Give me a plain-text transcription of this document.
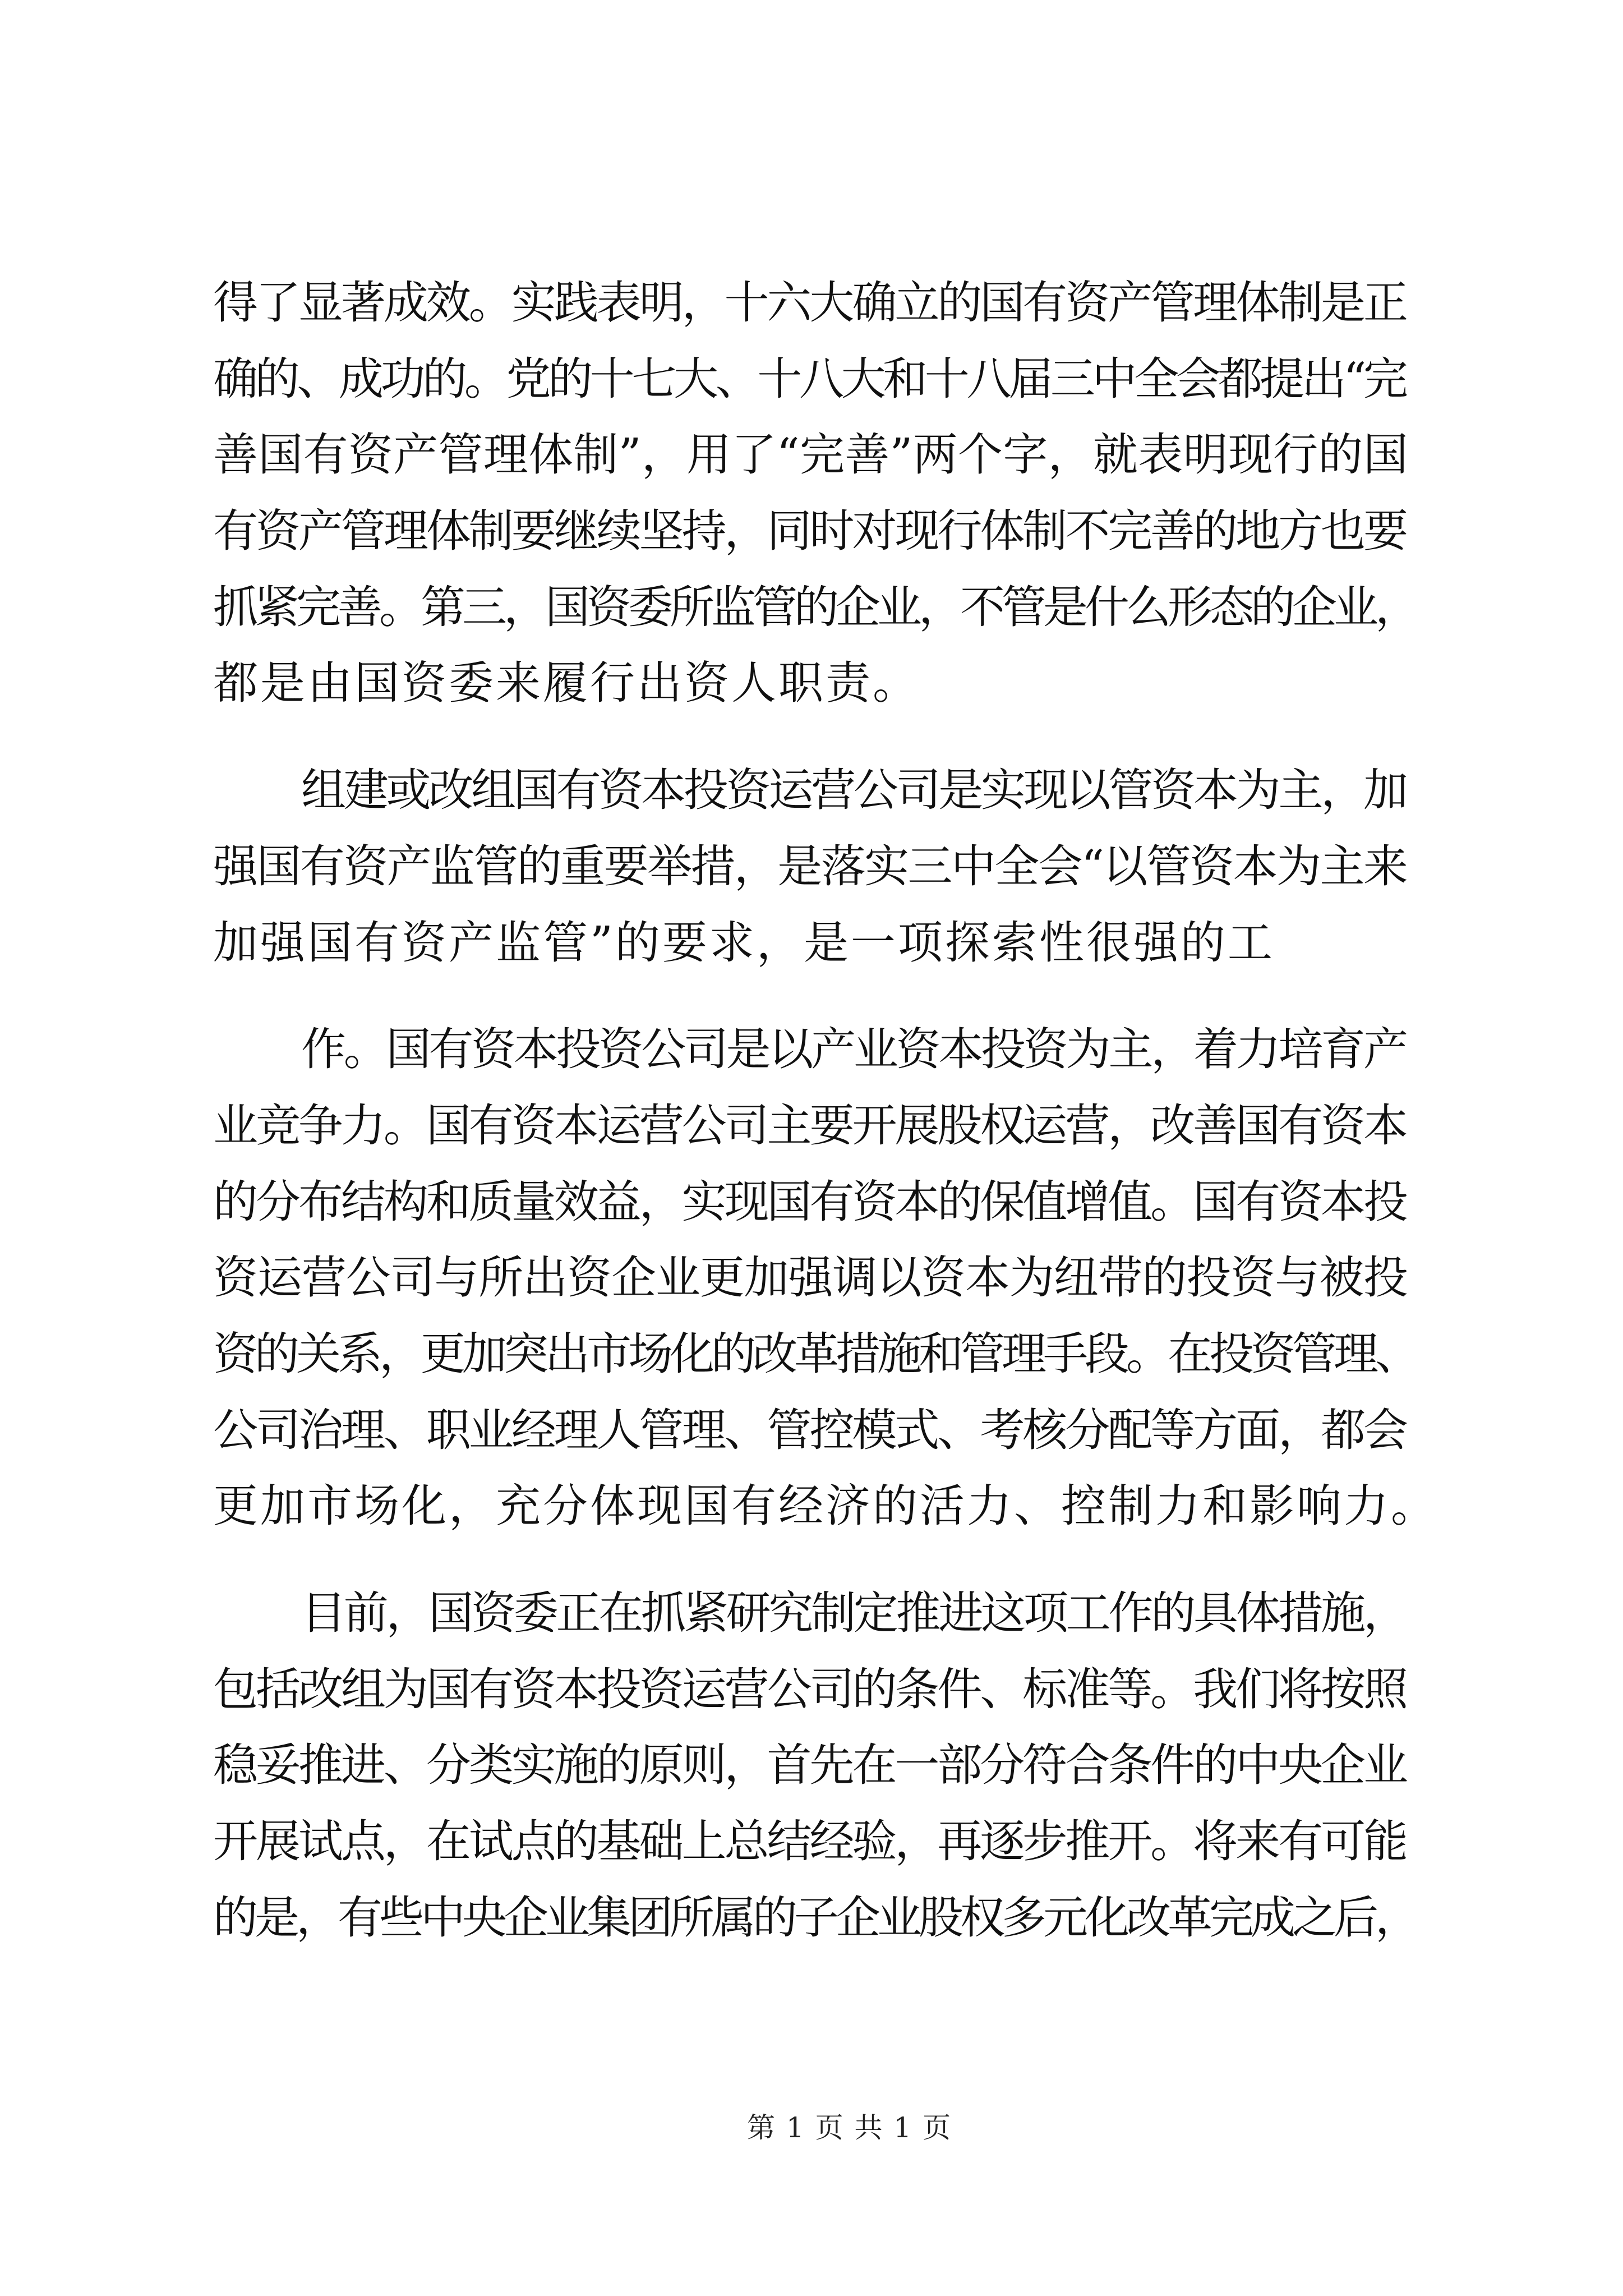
得了显著成效。实践表明，十六大确立的国有资产管理体制是正
确的、成功的。党的十七大、十八大和十八届三中全会都提出“完
善国有资产管理体制”，用了“完善”两个字，就表明现行的国
有资产管理体制要继续坚持，同时对现行体制不完善的地方也要
抓紧完善。第三，国资委所监管的企业，不管是什么形态的企业，
都是由国资委来履行出资人职责。
组建或改组国有资本投资运营公司是实现以管资本为主，加
强国有资产监管的重要举措，是落实三中全会“以管资本为主来
加强国有资产监管”的要求，是一项探索性很强的工
作。国有资本投资公司是以产业资本投资为主，着力培育产
业竞争力。国有资本运营公司主要开展股权运营，改善国有资本
的分布结构和质量效益，实现国有资本的保值增值。国有资本投
资运营公司与所出资企业更加强调以资本为纽带的投资与被投
资的关系，更加突出市场化的改革措施和管理手段。在投资管理、
公司治理、职业经理人管理、管控模式、考核分配等方面，都会
更加市场化，充分体现国有经济的活力、控制力和影响力。
目前，国资委正在抓紧研究制定推进这项工作的具体措施，
包括改组为国有资本投资运营公司的条件、标准等。我们将按照
稳妥推进、分类实施的原则，首先在一部分符合条件的中央企业
开展试点，在试点的基础上总结经验，再逐步推开。将来有可能
的是，有些中央企业集团所属的子企业股权多元化改革完成之后，
第 1 页 共 1 页
